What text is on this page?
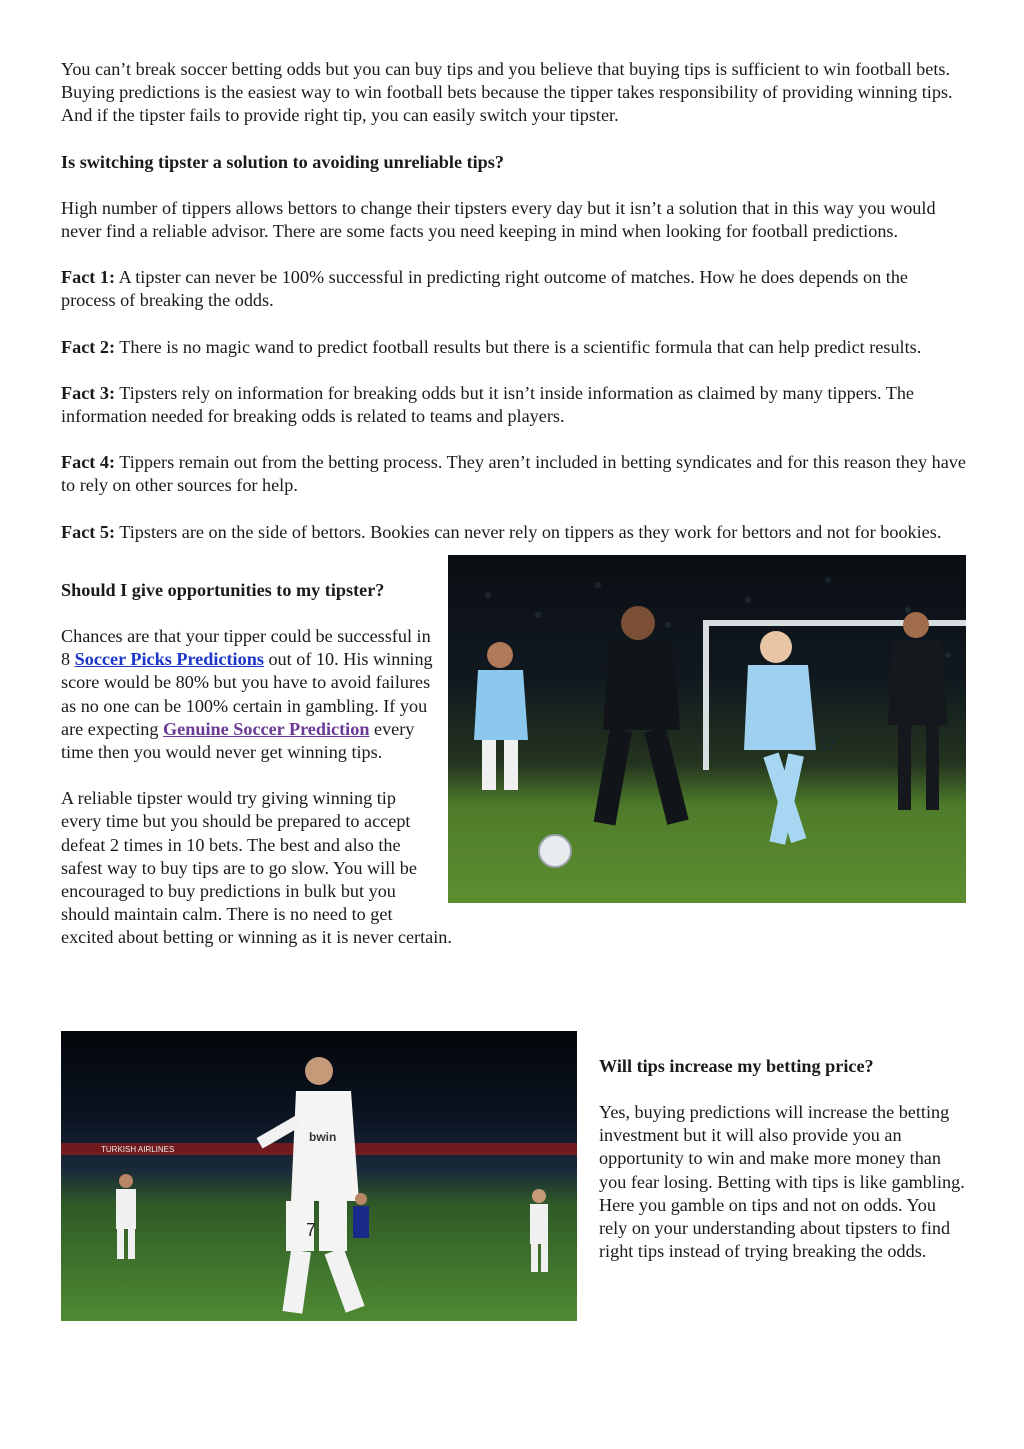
You can’t break soccer betting odds but you can buy tips and you believe that buying tips is sufficient to win football bets. Buying predictions is the easiest way to win football bets because the tipper takes responsibility of providing winning tips. And if the tipster fails to provide right tip, you can easily switch your tipster.

Is switching tipster a solution to avoiding unreliable tips?

High number of tippers allows bettors to change their tipsters every day but it isn’t a solution that in this way you would never find a reliable advisor. There are some facts you need keeping in mind when looking for football predictions.

Fact 1: A tipster can never be 100% successful in predicting right outcome of matches. How he does depends on the process of breaking the odds.

Fact 2: There is no magic wand to predict football results but there is a scientific formula that can help predict results.

Fact 3: Tipsters rely on information for breaking odds but it isn’t inside information as claimed by many tippers. The information needed for breaking odds is related to teams and players.

Fact 4: Tippers remain out from the betting process. They aren’t included in betting syndicates and for this reason they have to rely on other sources for help.

Fact 5: Tipsters are on the side of bettors. Bookies can never rely on tippers as they work for bettors and not for bookies.

17

Should I give opportunities to my tipster?

Chances are that your tipper could be successful in 8 Soccer Picks Predictions out of 10. His winning score would be 80% but you have to avoid failures as no one can be 100% certain in gambling. If you are expecting Genuine Soccer Prediction every time then you would never get winning tips.

A reliable tipster would try giving winning tip every time but you should be prepared to accept defeat 2 times in 10 bets. The best and also the safest way to buy tips are to go slow. You will be encouraged to buy predictions in bulk but you should maintain calm. There is no need to get excited about betting or winning as it is never certain.

TURKISH AIRLINES
bwin
7

Will tips increase my betting price?

Yes, buying predictions will increase the betting investment but it will also provide you an opportunity to win and make more money than you fear losing. Betting with tips is like gambling. Here you gamble on tips and not on odds. You rely on your understanding about tipsters to find right tips instead of trying breaking the odds.
